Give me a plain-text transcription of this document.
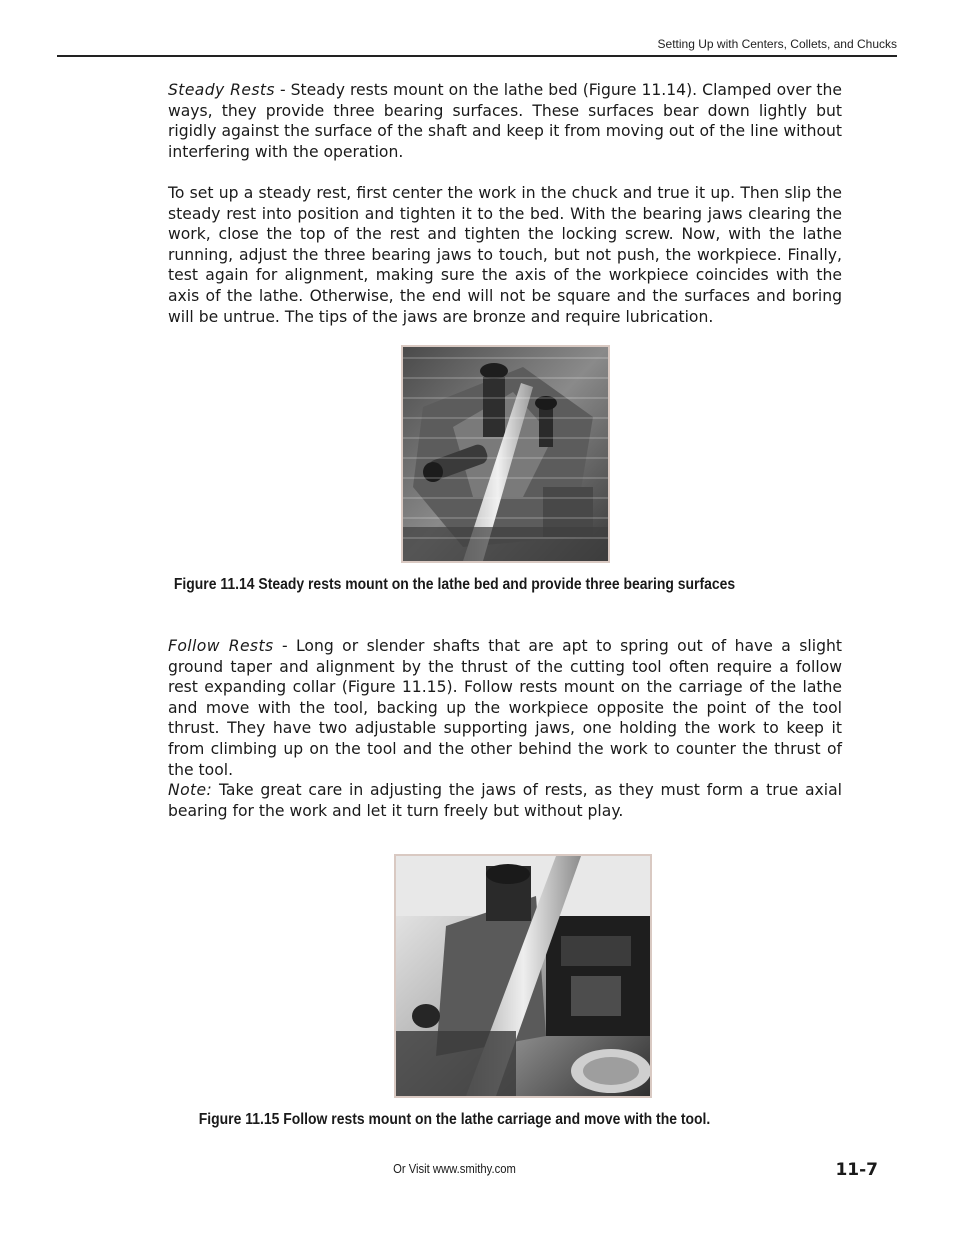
Setting Up with Centers, Collets, and Chucks

Steady Rests - Steady rests mount on the lathe bed (Figure 11.14). Clamped over the ways, they provide three bearing surfaces. These surfaces bear down lightly but rigidly against the surface of the shaft and keep it from moving out of the line without interfering with the operation.

To set up a steady rest, first center the work in the chuck and true it up. Then slip the steady rest into position and tighten it to the bed. With the bearing jaws clearing the work, close the top of the rest and tighten the locking screw. Now, with the lathe running, adjust the three bearing jaws to touch, but not push, the workpiece. Finally, test again for alignment, making sure the axis of the workpiece coincides with the axis of the lathe. Otherwise, the end will not be square and the surfaces and boring will be untrue. The tips of the jaws are bronze and require lubrication.

Figure 11.14 Steady rests mount on the lathe bed and provide three bearing surfaces

Follow Rests - Long or slender shafts that are apt to spring out of have a slight ground taper and alignment by the thrust of the cutting tool often require a follow rest expanding collar (Figure 11.15). Follow rests mount on the carriage of the lathe and move with the tool, backing up the workpiece opposite the point of the tool thrust. They have two adjustable supporting jaws, one holding the work to keep it from climbing up on the tool and the other behind the work to counter the thrust of the tool.

Note: Take great care in adjusting the jaws of rests, as they must form a true axial bearing for the work and let it turn freely but without play.

Figure 11.15 Follow rests mount on the lathe carriage and move with the tool.
Or Visit www.smithy.com	11-7
